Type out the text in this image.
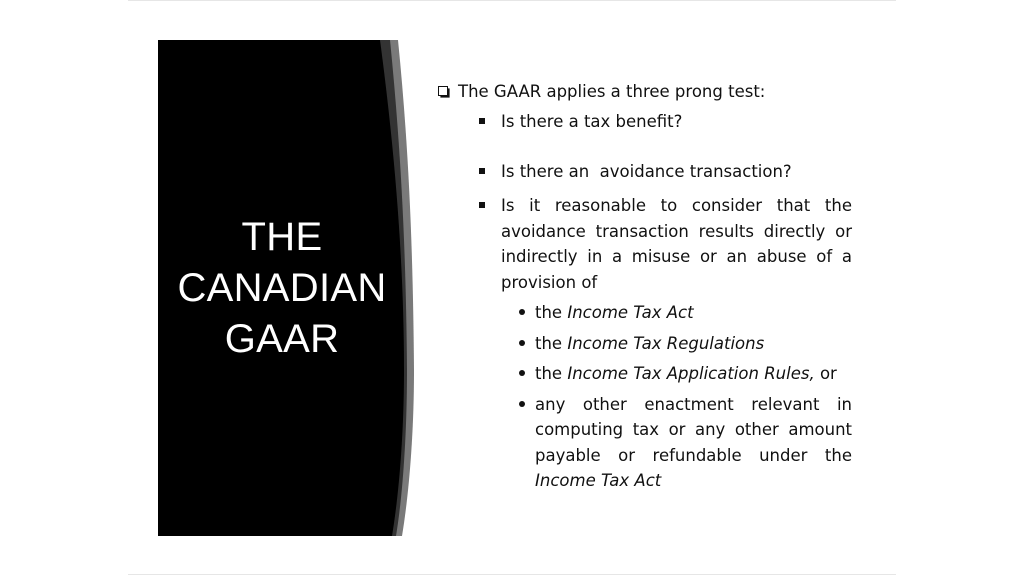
THE
CANADIAN
GAAR
The GAAR applies a three prong test:
Is there a tax benefit?
Is there an  avoidance transaction?
Is it reasonable to consider that the avoidance transaction results directly or indirectly in a misuse or an abuse of a provision of
the Income Tax Act
the Income Tax Regulations
the Income Tax Application Rules, or
any other enactment relevant in computing tax or any other amount payable or refundable under the Income Tax Act
